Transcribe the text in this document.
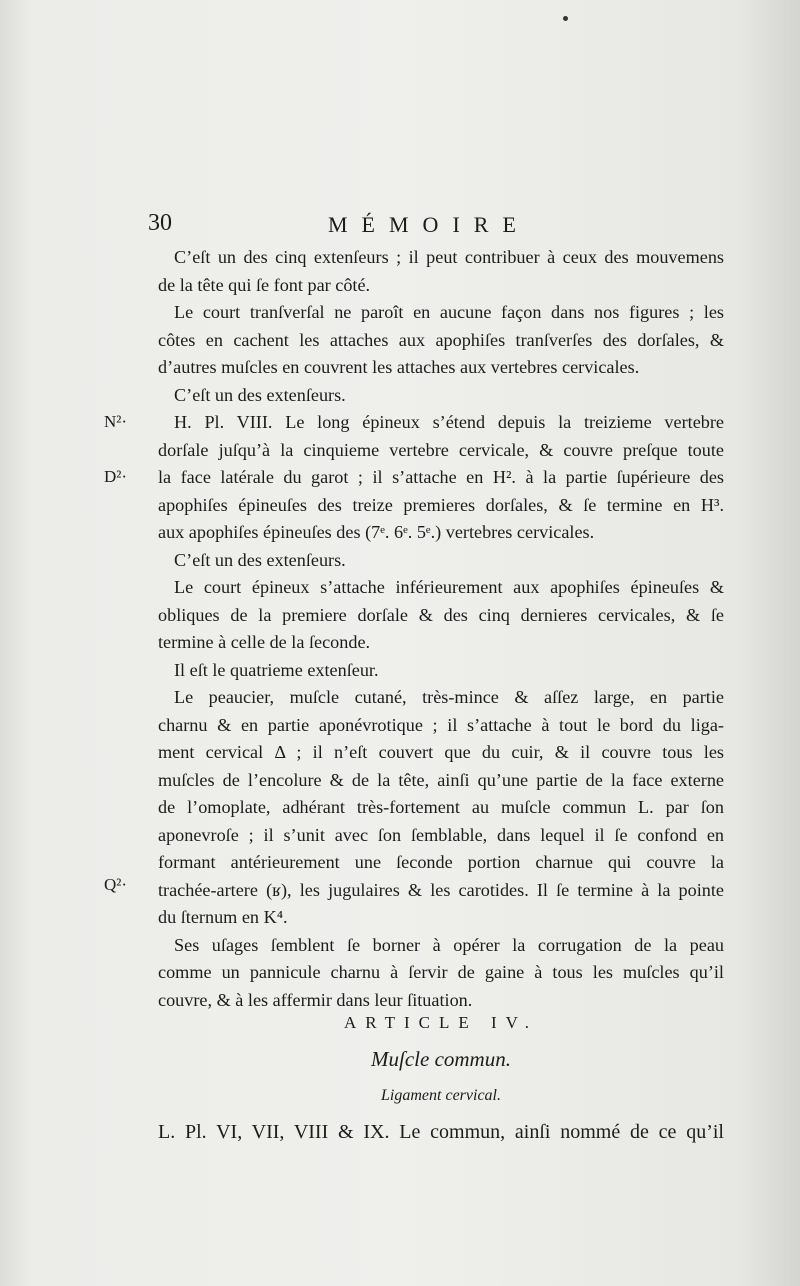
30	MÉMOIRE
N²·
D²·
Q²·
C’eſt un des cinq extenſeurs ; il peut contribuer à ceux des mouvemens
de la tête qui ſe font par côté.
Le court tranſverſal ne paroît en aucune façon dans nos figures ; les
côtes en cachent les attaches aux apophiſes tranſverſes des dorſales, &
d’autres muſcles en couvrent les attaches aux vertebres cervicales.
C’eſt un des extenſeurs.
H. Pl. VIII. Le long épineux s’étend depuis la treizieme vertebre
dorſale juſqu’à la cinquieme vertebre cervicale, & couvre preſque toute
la face latérale du garot ; il s’attache en H². à la partie ſupérieure des
apophiſes épineuſes des treize premieres dorſales, & ſe termine en H³.
aux apophiſes épineuſes des (7ᵉ. 6ᵉ. 5ᵉ.) vertebres cervicales.
C’eſt un des extenſeurs.
Le court épineux s’attache inférieurement aux apophiſes épineuſes &
obliques de la premiere dorſale & des cinq dernieres cervicales, & ſe
termine à celle de la ſeconde.
Il eſt le quatrieme extenſeur.
Le peaucier, muſcle cutané, très-mince & aſſez large, en partie
charnu & en partie aponévrotique ; il s’attache à tout le bord du liga-
ment cervical Δ ; il n’eſt couvert que du cuir, & il couvre tous les
muſcles de l’encolure & de la tête, ainſi qu’une partie de la face externe
de l’omoplate, adhérant très-fortement au muſcle commun L. par ſon
aponevroſe ; il s’unit avec ſon ſemblable, dans lequel il ſe confond en
formant antérieurement une ſeconde portion charnue qui couvre la
trachée-artere (ʁ), les jugulaires & les carotides. Il ſe termine à la pointe
du ſternum en K⁴.
Ses uſages ſemblent ſe borner à opérer la corrugation de la peau
comme un pannicule charnu à ſervir de gaine à tous les muſcles qu’il
couvre, & à les affermir dans leur ſituation.
ARTICLE IV.
Muſcle commun.
Ligament cervical.
L. Pl. VI, VII, VIII & IX. Le commun, ainſi nommé de ce qu’il
